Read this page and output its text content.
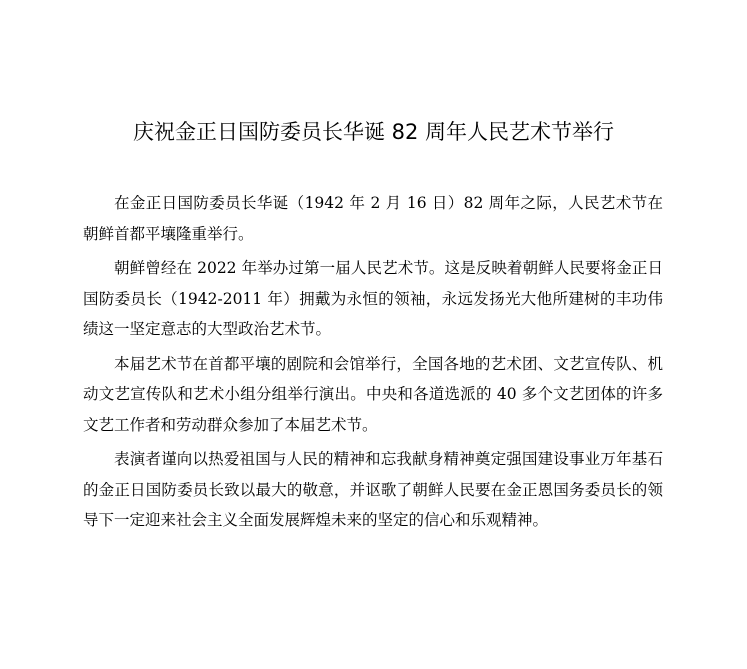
庆祝金正日国防委员长华诞 82 周年人民艺术节举行

在金正日国防委员长华诞（1942 年 2 月 16 日）82 周年之际，人民艺术节在朝鲜首都平壤隆重举行。

朝鲜曾经在 2022 年举办过第一届人民艺术节。这是反映着朝鲜人民要将金正日国防委员长（1942-2011 年）拥戴为永恒的领袖，永远发扬光大他所建树的丰功伟绩这一坚定意志的大型政治艺术节。

本届艺术节在首都平壤的剧院和会馆举行，全国各地的艺术团、文艺宣传队、机动文艺宣传队和艺术小组分组举行演出。中央和各道选派的 40 多个文艺团体的许多文艺工作者和劳动群众参加了本届艺术节。

表演者谨向以热爱祖国与人民的精神和忘我献身精神奠定强国建设事业万年基石的金正日国防委员长致以最大的敬意，并讴歌了朝鲜人民要在金正恩国务委员长的领导下一定迎来社会主义全面发展辉煌未来的坚定的信心和乐观精神。
